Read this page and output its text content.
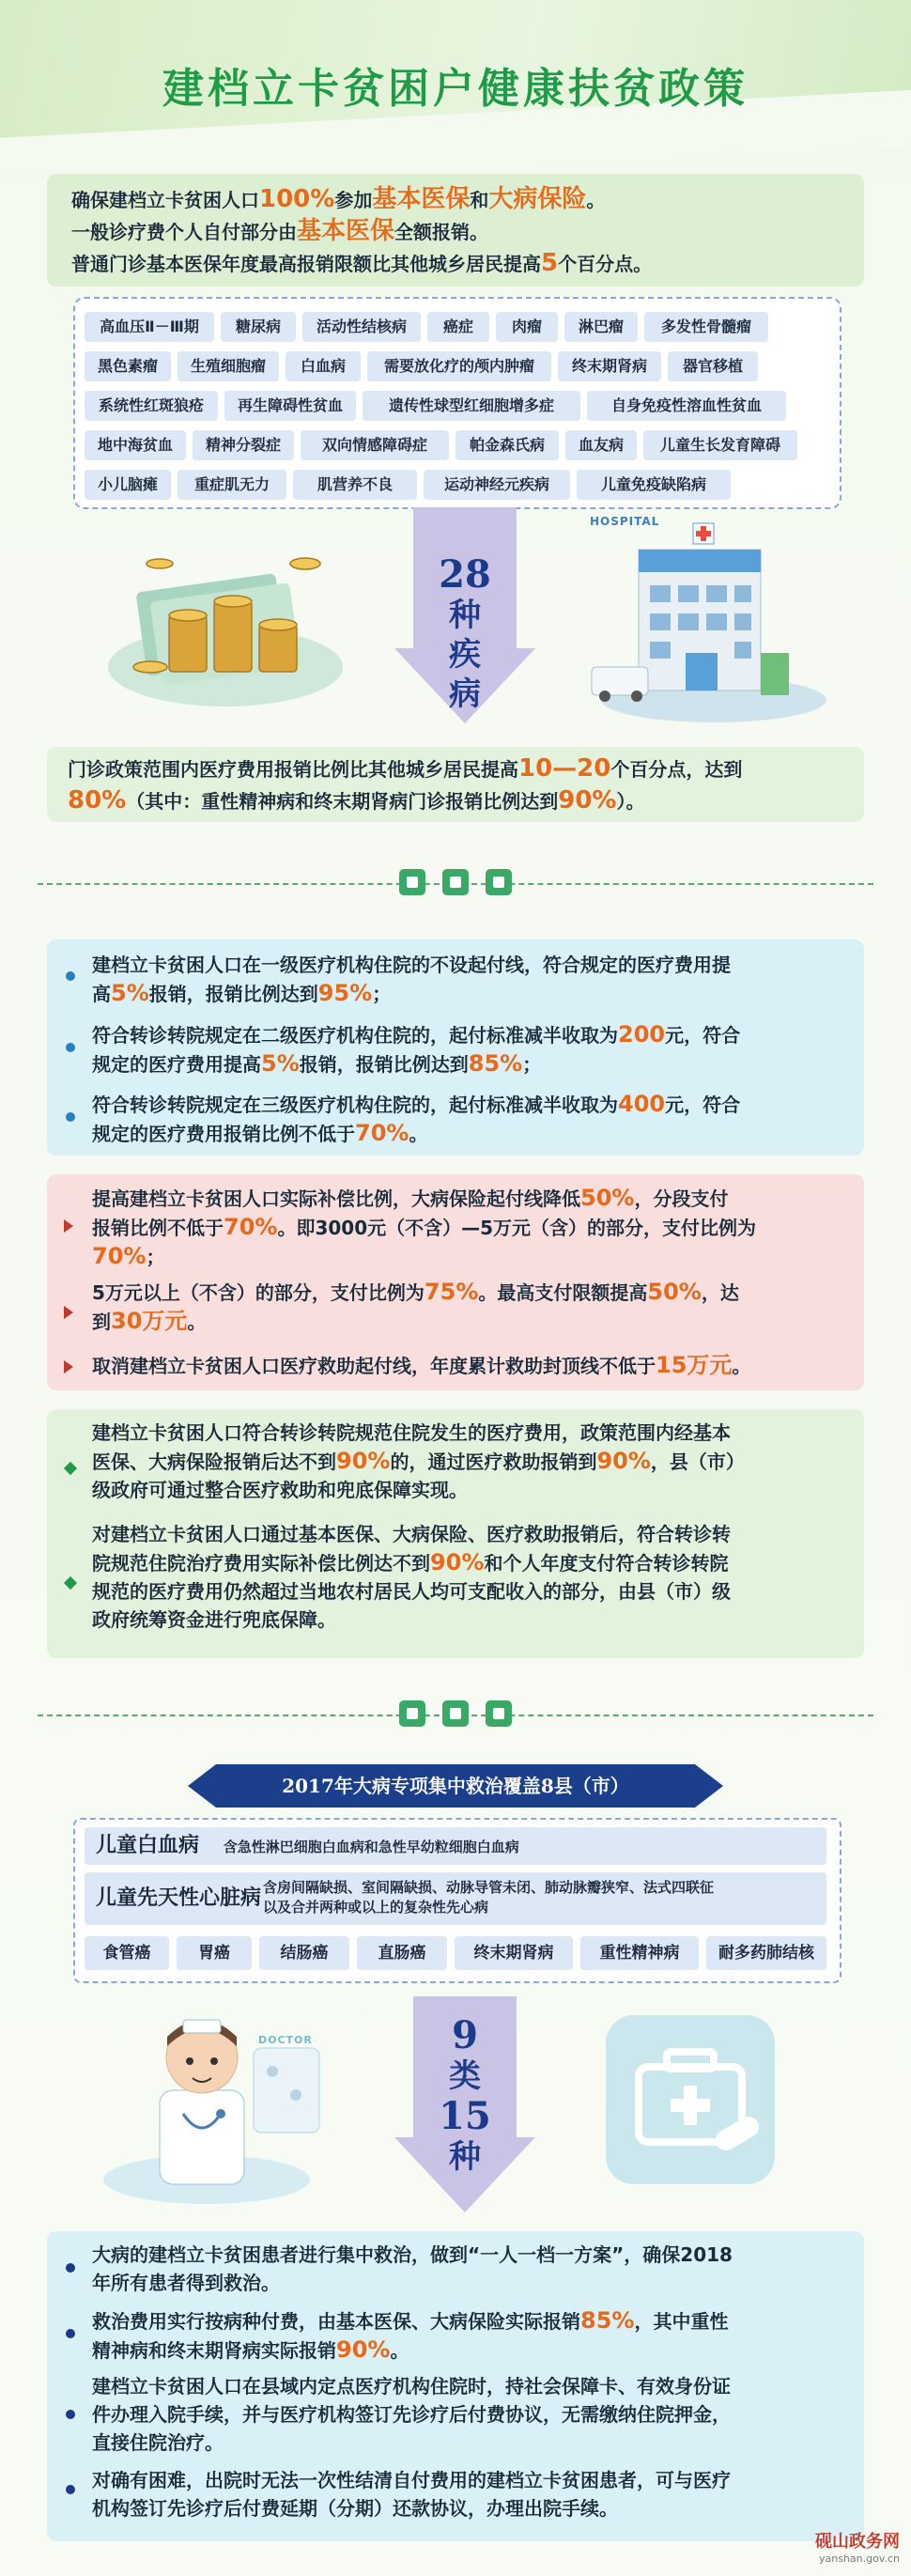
建档立卡贫困户健康扶贫政策
确保建档立卡贫困人口100%参加基本医保和大病保险。
一般诊疗费个人自付部分由基本医保全额报销。
普通门诊基本医保年度最高报销限额比其他城乡居民提高5个百分点。
高血压Ⅱ－Ⅲ期	糖尿病	活动性结核病	癌症	肉瘤	淋巴瘤	多发性骨髓瘤
黑色素瘤	生殖细胞瘤	白血病	需要放化疗的颅内肿瘤	终末期肾病	器官移植
系统性红斑狼疮	再生障碍性贫血	遗传性球型红细胞增多症	自身免疫性溶血性贫血
地中海贫血	精神分裂症	双向情感障碍症	帕金森氏病	血友病	儿童生长发育障碍
小儿脑瘫	重症肌无力	肌营养不良	运动神经元疾病	儿童免疫缺陷病
28
种
疾
病
HOSPITAL
门诊政策范围内医疗费用报销比例比其他城乡居民提高10—20个百分点，达到
80%（其中：重性精神病和终末期肾病门诊报销比例达到90%）。
建档立卡贫困人口在一级医疗机构住院的不设起付线，符合规定的医疗费用提
高5%报销，报销比例达到95%；
符合转诊转院规定在二级医疗机构住院的，起付标准减半收取为200元，符合
规定的医疗费用提高5%报销，报销比例达到85%；
符合转诊转院规定在三级医疗机构住院的，起付标准减半收取为400元，符合
规定的医疗费用报销比例不低于70%。
提高建档立卡贫困人口实际补偿比例，大病保险起付线降低50%，分段支付
报销比例不低于70%。即3000元（不含）—5万元（含）的部分，支付比例为
70%；
5万元以上（不含）的部分，支付比例为75%。最高支付限额提高50%，达
到30万元。
取消建档立卡贫困人口医疗救助起付线，年度累计救助封顶线不低于15万元。
建档立卡贫困人口符合转诊转院规范住院发生的医疗费用，政策范围内经基本
医保、大病保险报销后达不到90%的，通过医疗救助报销到90%，县（市）
级政府可通过整合医疗救助和兜底保障实现。
对建档立卡贫困人口通过基本医保、大病保险、医疗救助报销后，符合转诊转
院规范住院治疗费用实际补偿比例达不到90%和个人年度支付符合转诊转院
规范的医疗费用仍然超过当地农村居民人均可支配收入的部分，由县（市）级
政府统筹资金进行兜底保障。
2017年大病专项集中救治覆盖8县（市）
儿童白血病 含急性淋巴细胞白血病和急性早幼粒细胞白血病
儿童先天性心脏病 含房间隔缺损、室间隔缺损、动脉导管未闭、肺动脉瓣狭窄、法式四联征
以及合并两种或以上的复杂性先心病
食管癌	胃癌	结肠癌	直肠癌	终末期肾病	重性精神病	耐多药肺结核
DOCTOR	9
类
15
种
大病的建档立卡贫困患者进行集中救治，做到“一人一档一方案”，确保2018
年所有患者得到救治。
救治费用实行按病种付费，由基本医保、大病保险实际报销85%，其中重性
精神病和终末期肾病实际报销90%。
建档立卡贫困人口在县域内定点医疗机构住院时，持社会保障卡、有效身份证
件办理入院手续，并与医疗机构签订先诊疗后付费协议，无需缴纳住院押金，
直接住院治疗。
对确有困难，出院时无法一次性结清自付费用的建档立卡贫困患者，可与医疗
机构签订先诊疗后付费延期（分期）还款协议，办理出院手续。
砚山政务网
yanshan.gov.cn
